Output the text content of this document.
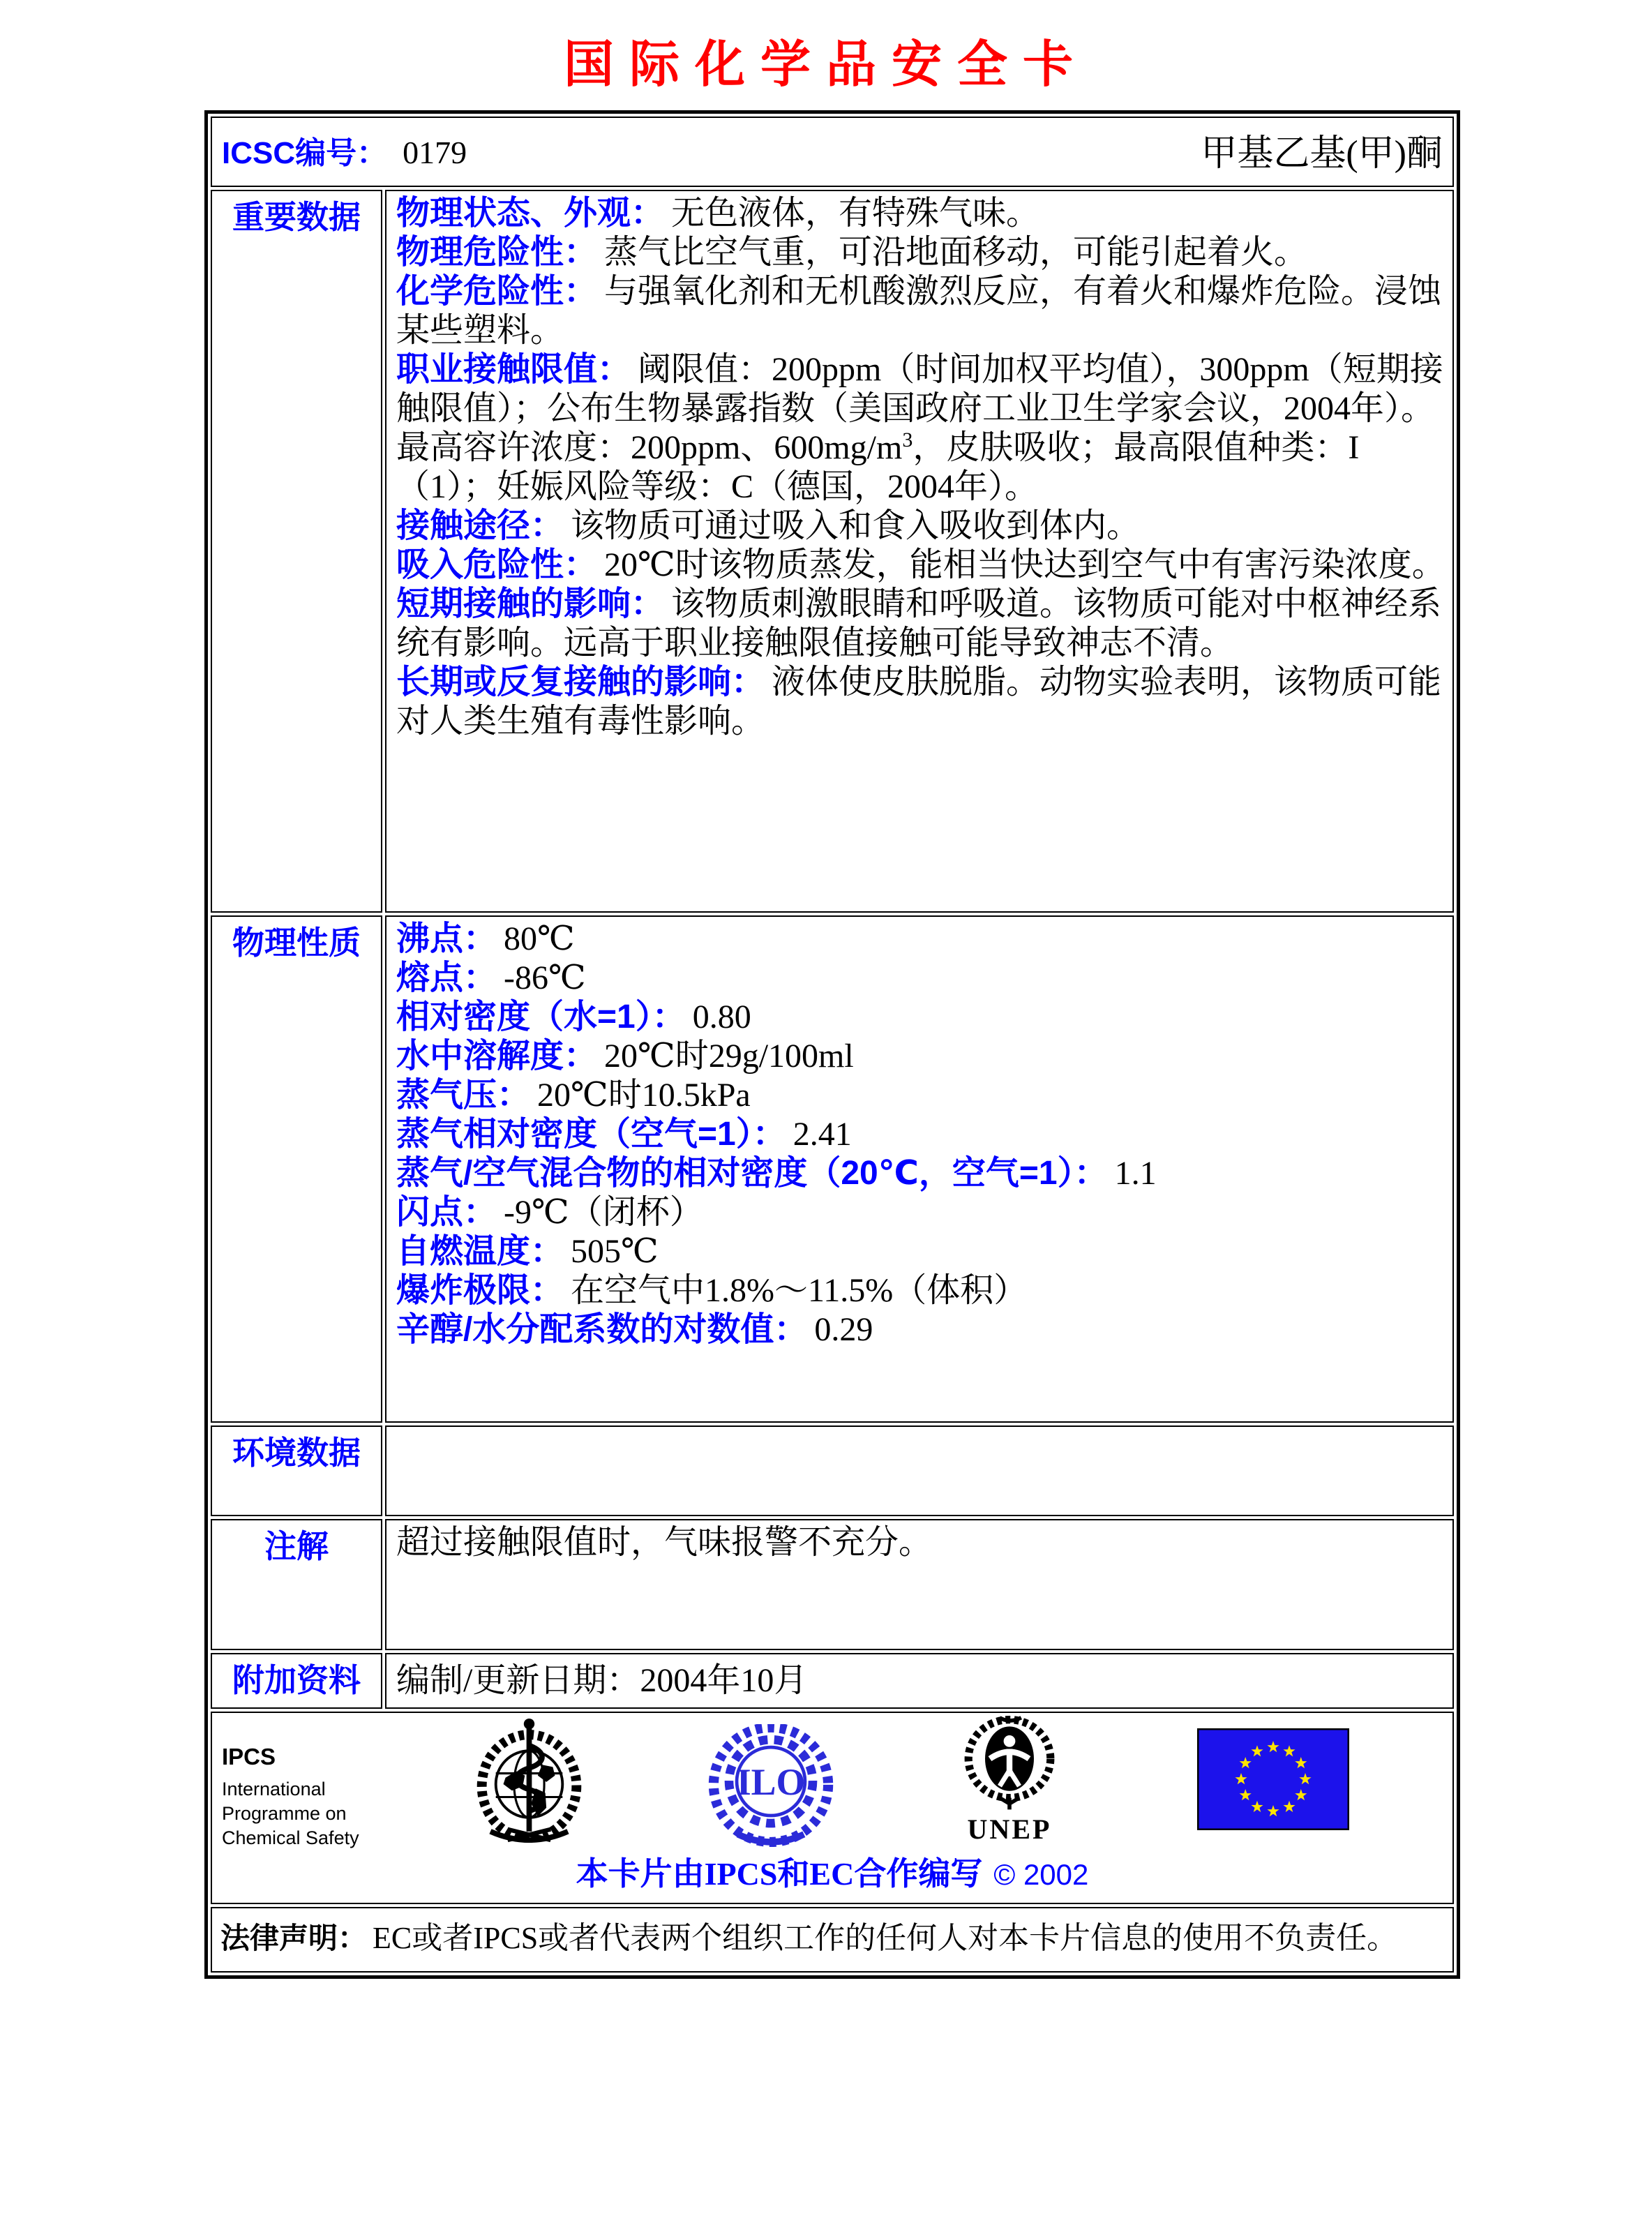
国际化学品安全卡
ICSC编号： 0179 甲基乙基(甲)酮	

重要数据	物理状态、外观： 无色液体，有特殊气味。
物理危险性： 蒸气比空气重，可沿地面移动，可能引起着火。
化学危险性： 与强氧化剂和无机酸激烈反应，有着火和爆炸危险。浸蚀某些塑料。
职业接触限值： 阈限值：200ppm（时间加权平均值），300ppm（短期接触限值）；公布生物暴露指数（美国政府工业卫生学家会议，2004年）。最高容许浓度：200ppm、$600mg/m^3$，皮肤吸收；最高限值种类：I（1）；妊娠风险等级：C（德国，2004年）。
接触途径： 该物质可通过吸入和食入吸收到体内。
吸入危险性： 20℃时该物质蒸发，能相当快达到空气中有害污染浓度。
短期接触的影响： 该物质刺激眼睛和呼吸道。该物质可能对中枢神经系统有影响。远高于职业接触限值接触可能导致神志不清。
长期或反复接触的影响： 液体使皮肤脱脂。动物实验表明，该物质可能对人类生殖有毒性影响。

物理性质	沸点： 80℃
熔点： -86℃
相对密度（水=1）： 0.80
水中溶解度： 20℃时29g/100ml
蒸气压： 20℃时10.5kPa
蒸气相对密度（空气=1）： 2.41
蒸气/空气混合物的相对密度（20℃，空气=1）： 1.1
闪点： -9℃（闭杯）
自燃温度： 505℃
爆炸极限： 在空气中1.8%～11.5%（体积）
辛醇/水分配系数的对数值： 0.29

环境数据	

注解	超过接触限值时，气味报警不充分。
附加资料	编制/更新日期：2004年10月

IPCS
International
Programme on
Chemical Safety
ILO
UNEP
本卡片由IPCS和EC合作编写 © 2002

法律声明： EC或者IPCS或者代表两个组织工作的任何人对本卡片信息的使用不负责任。	
